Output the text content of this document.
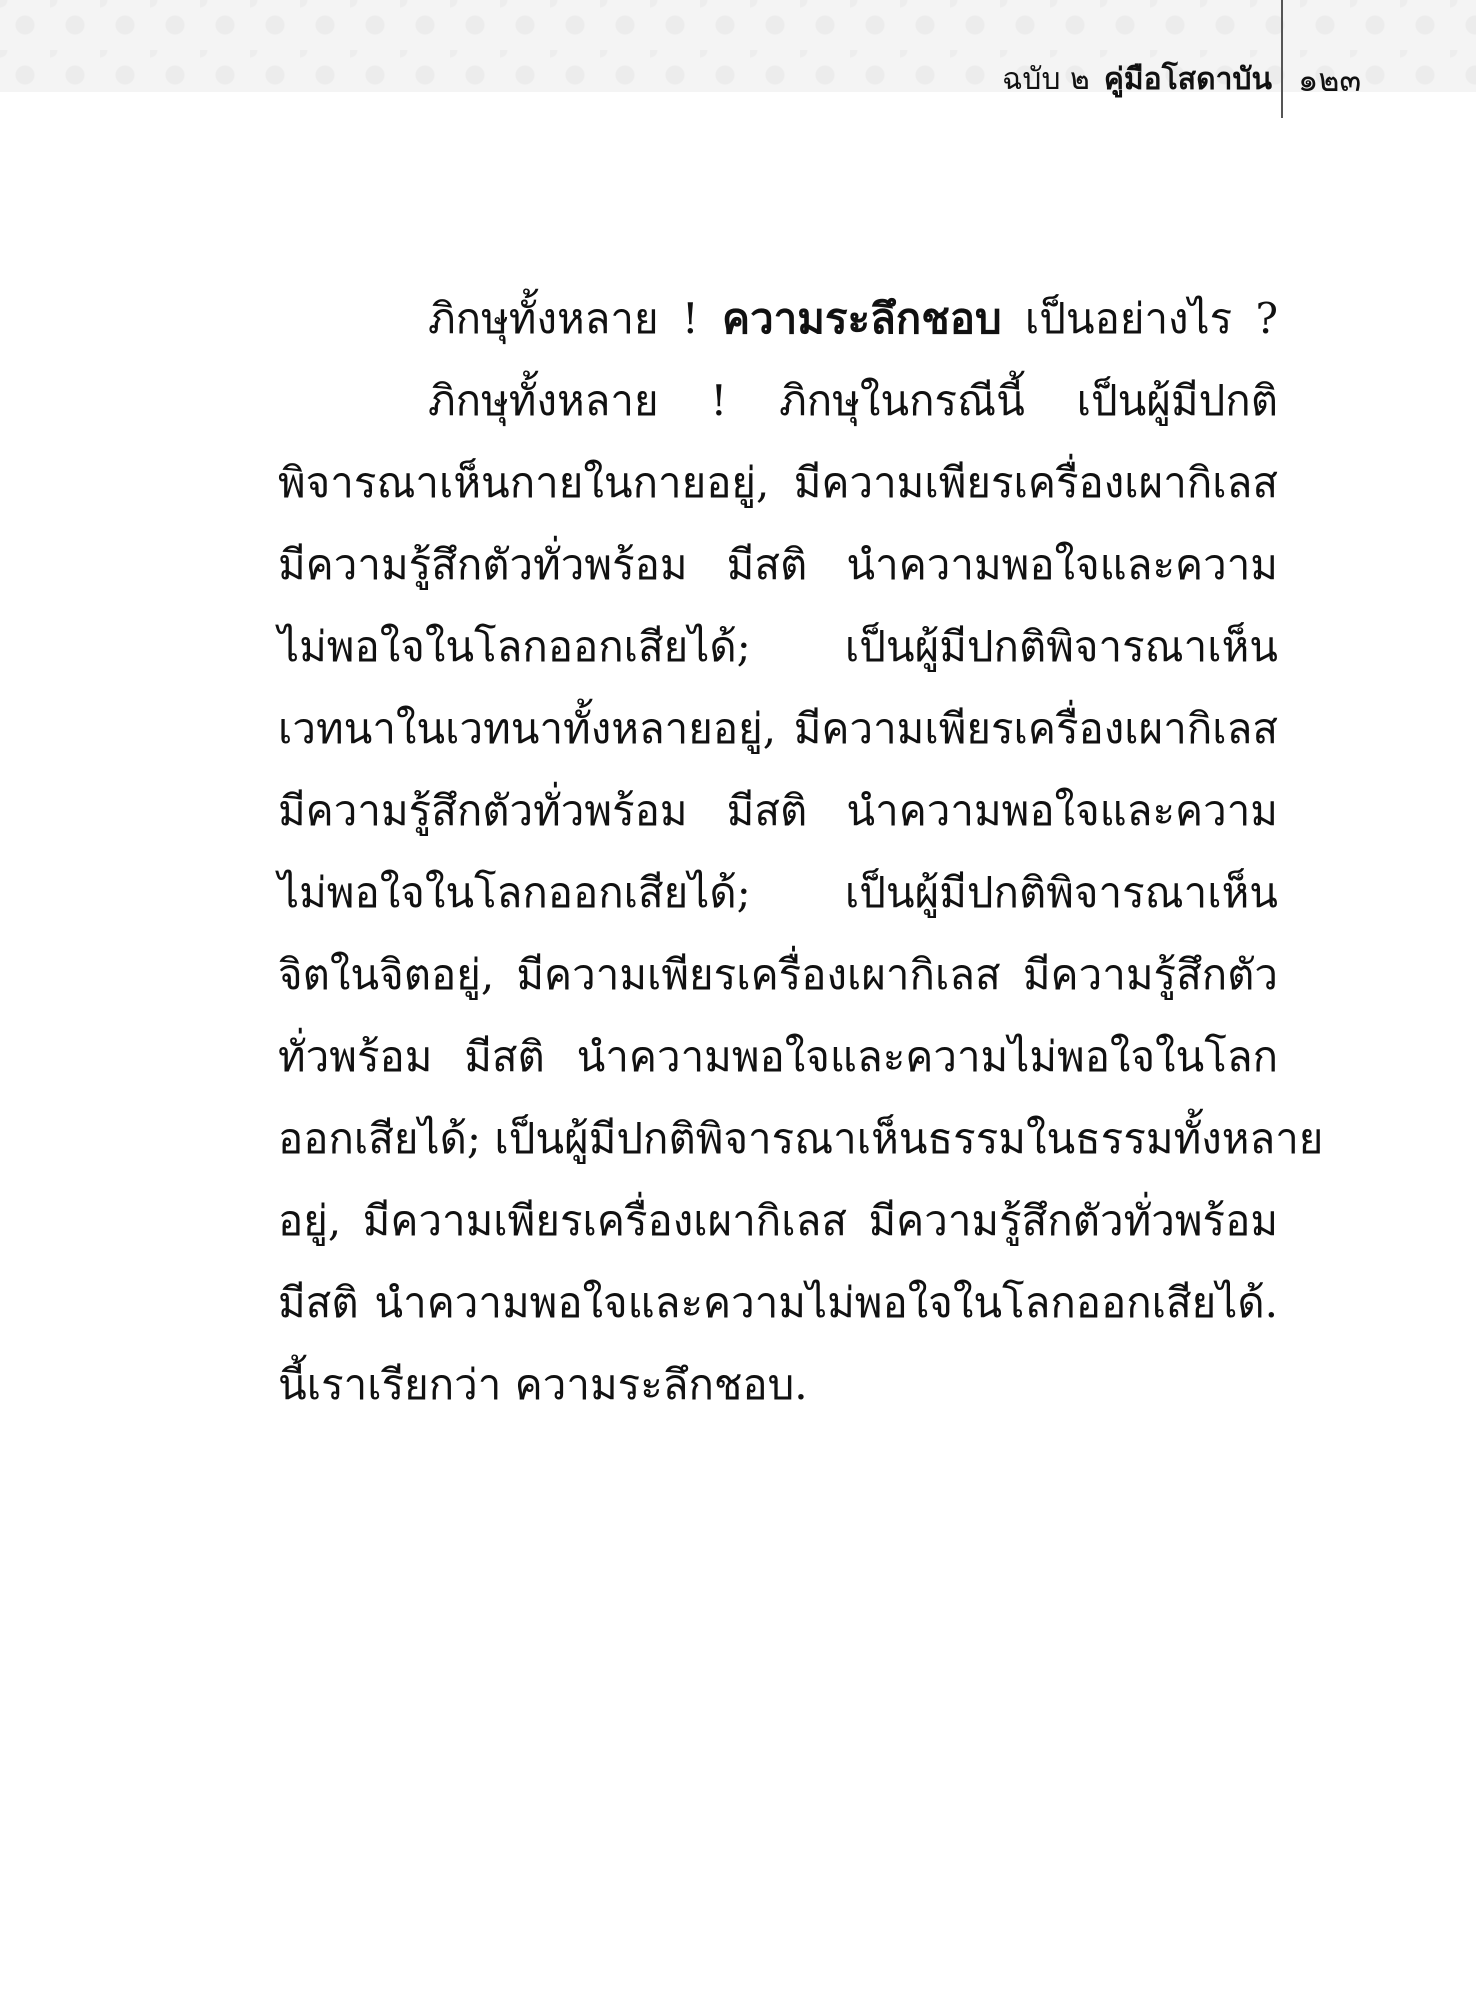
ฉบับ ๒ คู่มือโสดาบัน ๑๒๓
ภิกษุทั้งหลาย ! ความระลึกชอบ เป็นอย่างไร ?
ภิกษุทั้งหลาย ! ภิกษุในกรณีนี้ เป็นผู้มีปกติ
พิจารณาเห็นกายในกายอยู่, มีความเพียรเครื่องเผากิเลส
มีความรู้สึกตัวทั่วพร้อม มีสติ นำความพอใจและความ
ไม่พอใจในโลกออกเสียได้; เป็นผู้มีปกติพิจารณาเห็น
เวทนาในเวทนาทั้งหลายอยู่, มีความเพียรเครื่องเผากิเลส
มีความรู้สึกตัวทั่วพร้อม มีสติ นำความพอใจและความ
ไม่พอใจในโลกออกเสียได้; เป็นผู้มีปกติพิจารณาเห็น
จิตในจิตอยู่, มีความเพียรเครื่องเผากิเลส มีความรู้สึกตัว
ทั่วพร้อม มีสติ นำความพอใจและความไม่พอใจในโลก
ออกเสียได้; เป็นผู้มีปกติพิจารณาเห็นธรรมในธรรมทั้งหลาย
อยู่, มีความเพียรเครื่องเผากิเลส มีความรู้สึกตัวทั่วพร้อม
มีสติ นำความพอใจและความไม่พอใจในโลกออกเสียได้.
นี้เราเรียกว่า ความระลึกชอบ.
